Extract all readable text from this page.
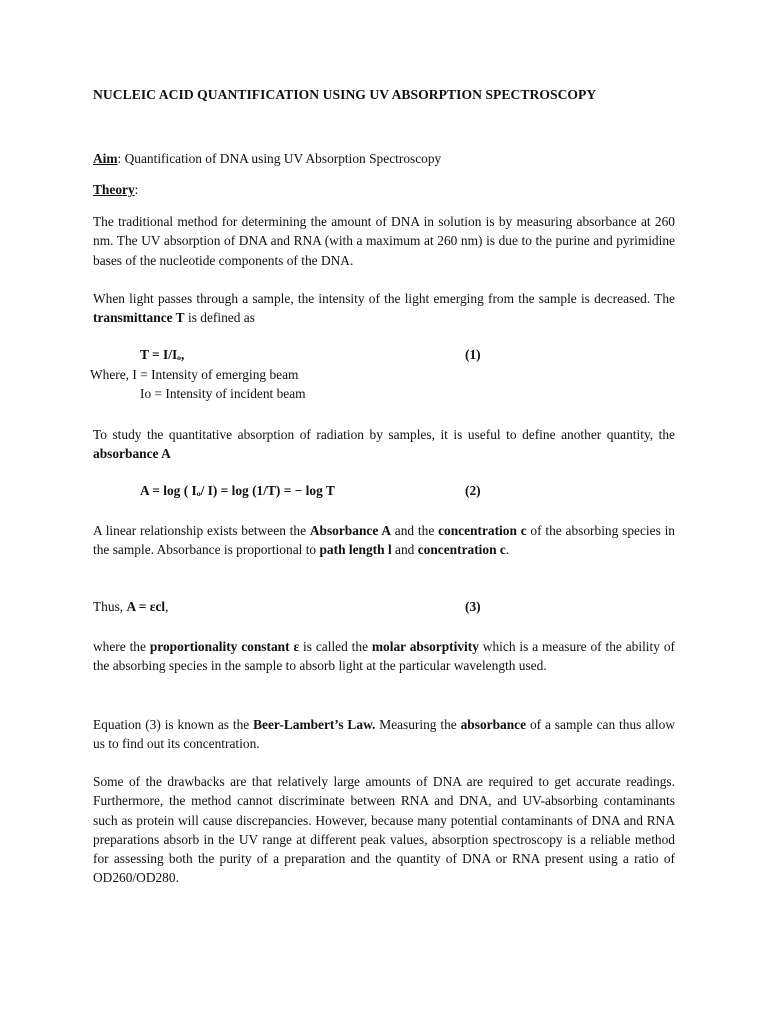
NUCLEIC ACID QUANTIFICATION USING UV ABSORPTION SPECTROSCOPY
Aim: Quantification of DNA using UV Absorption Spectroscopy
Theory:
The traditional method for determining the amount of DNA in solution is by measuring absorbance at 260 nm. The UV absorption of DNA and RNA (with a maximum at 260 nm) is due to the purine and pyrimidine bases of the nucleotide components of the DNA.
When light passes through a sample, the intensity of the light emerging from the sample is decreased. The transmittance T is defined as
T = I/Iₒ,	(1)
Where, I = Intensity of emerging beam
Io = Intensity of incident beam
To study the quantitative absorption of radiation by samples, it is useful to define another quantity, the absorbance A
A = log ( Iₒ/ I) = log (1/T) = − log T	(2)
A linear relationship exists between the Absorbance A and the concentration c of the absorbing species in the sample. Absorbance is proportional to path length l and concentration c.
Thus, A = εcl,	(3)
where the proportionality constant ε is called the molar absorptivity which is a measure of the ability of the absorbing species in the sample to absorb light at the particular wavelength used.
Equation (3) is known as the Beer-Lambert’s Law. Measuring the absorbance of a sample can thus allow us to find out its concentration.
Some of the drawbacks are that relatively large amounts of DNA are required to get accurate readings. Furthermore, the method cannot discriminate between RNA and DNA, and UV-absorbing contaminants such as protein will cause discrepancies. However, because many potential contaminants of DNA and RNA preparations absorb in the UV range at different peak values, absorption spectroscopy is a reliable method for assessing both the purity of a preparation and the quantity of DNA or RNA present using a ratio of OD260/OD280.
